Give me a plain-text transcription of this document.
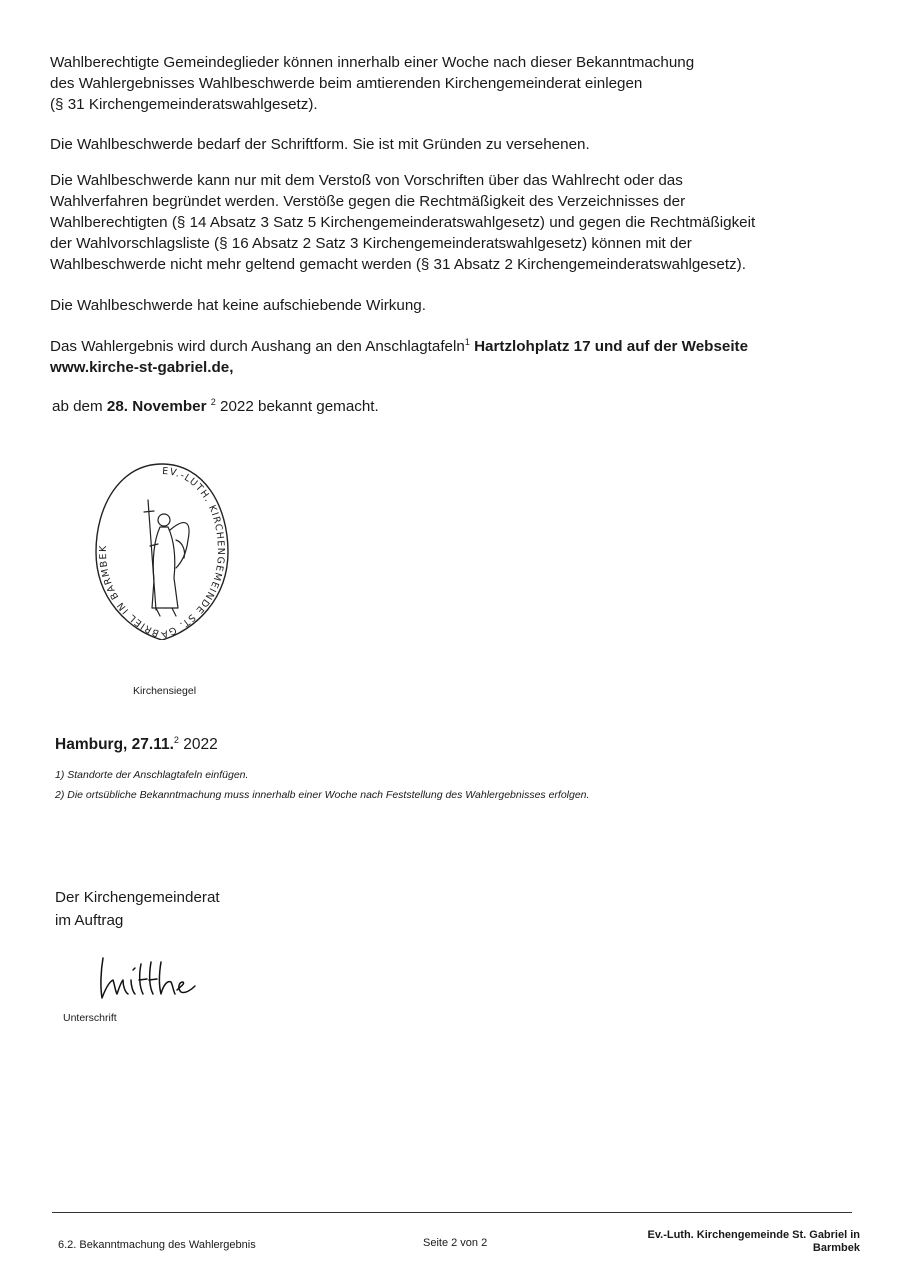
Wahlberechtigte Gemeindeglieder können innerhalb einer Woche nach dieser Bekanntmachung
des Wahlergebnisses Wahlbeschwerde beim amtierenden Kirchengemeinderat einlegen
(§ 31 Kirchengemeinderatswahlgesetz).

Die Wahlbeschwerde bedarf der Schriftform. Sie ist mit Gründen zu versehenen.

Die Wahlbeschwerde kann nur mit dem Verstoß von Vorschriften über das Wahlrecht oder das
Wahlverfahren begründet werden. Verstöße gegen die Rechtmäßigkeit des Verzeichnisses der
Wahlberechtigten (§ 14 Absatz 3 Satz 5 Kirchengemeinderatswahlgesetz) und gegen die Rechtmäßigkeit
der Wahlvorschlagsliste (§ 16 Absatz 2 Satz 3 Kirchengemeinderatswahlgesetz) können mit der
Wahlbeschwerde nicht mehr geltend gemacht werden (§ 31 Absatz 2 Kirchengemeinderatswahlgesetz).

Die Wahlbeschwerde hat keine aufschiebende Wirkung.

Das Wahlergebnis wird durch Aushang an den Anschlagtafeln$^1$ Hartzlohplatz 17 und auf der Webseite
www.kirche-st-gabriel.de,

ab dem 28. November $^2$ 2022 bekannt gemacht.

EV.-LUTH. KIRCHENGEMEINDE ST. GABRIEL IN BARMBEK
Kirchensiegel
Hamburg, 27.11.$^2$ 2022
1) Standorte der Anschlagtafeln einfügen.
2) Die ortsübliche Bekanntmachung muss innerhalb einer Woche nach Feststellung des Wahlergebnisses erfolgen.
Der Kirchengemeinderat
im Auftrag
Unterschrift
6.2. Bekanntmachung des Wahlergebnis	Seite 2 von 2
Ev.-Luth. Kirchengemeinde St. Gabriel in
Barmbek
